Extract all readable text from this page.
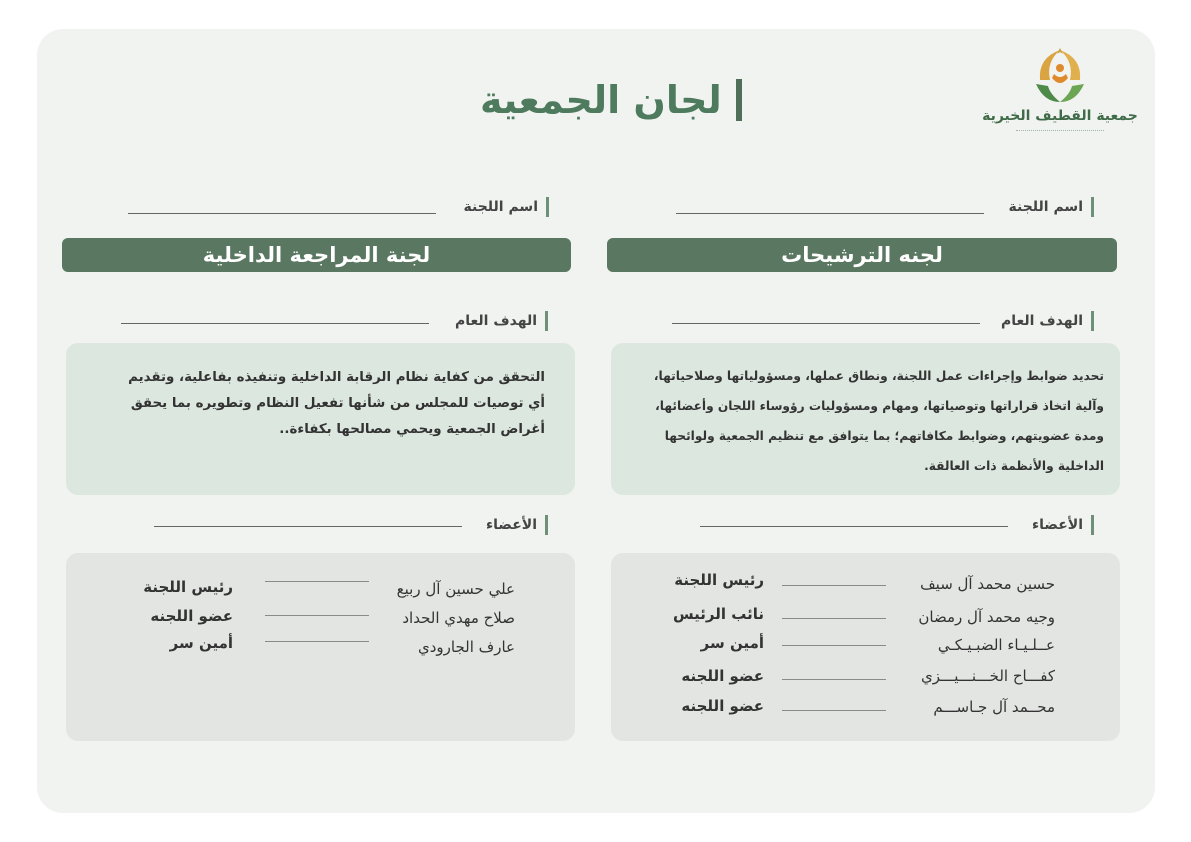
لجان الجمعية	جمعية القطيف الخيرية
اسم اللجنة
لجنه الترشيحات
الهدف العام

تحديد ضوابط وإجراءات عمل اللجنة، ونطاق عملها، ومسؤولياتها وصلاحياتها،
وآلية اتخاذ قراراتها وتوصياتها، ومهام ومسؤوليات رؤوساء اللجان وأعضائها،
ومدة عضويتهم، وضوابط مكافاتهم؛ بما يتوافق مع تنظيم الجمعية ولوائحها
الداخلية والأنظمة ذات العالقة.

الأعضاء
حسين محمد آل سيف
رئيس اللجنة
وجيه محمد آل رمضان
نائب الرئيس
عــلـيـاء الضبـيـكـي
أمين سر
كفـــاح الخـــنـــيـــزي
عضو اللجنه
محــمد آل جـاســـم
عضو اللجنه
اسم اللجنة
لجنة المراجعة الداخلية
الهدف العام

التحقق من كفاية نظام الرقابة الداخلية وتنفيذه بفاعلية، وتقديم
أي توصيات للمجلس من شأنها تفعيل النظام وتطويره بما يحقق
أغراض الجمعية ويحمي مصالحها بكفاءة..

الأعضاء
علي حسين آل ربيع
رئيس اللجنة
صلاح مهدي الحداد
عضو اللجنه
عارف الجارودي
أمين سر
